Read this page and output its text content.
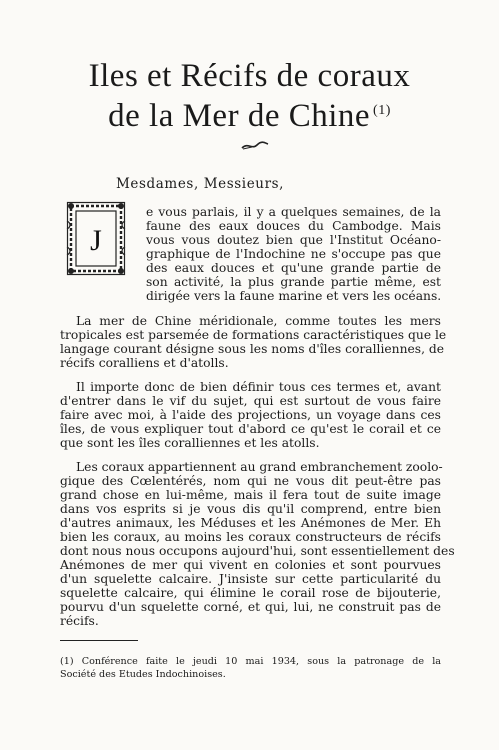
Iles et Récifs de coraux
de la Mer de Chine $^{(1)}$
Mesdames, Messieurs,
J
e vous parlais, il y a quelques semaines, de la
faune des eaux douces du Cambodge. Mais
vous vous doutez bien que l'Institut Océano-
graphique de l'Indochine ne s'occupe pas que
des eaux douces et qu'une grande partie de
son activité, la plus grande partie même, est
dirigée vers la faune marine et vers les océans.
La mer de Chine méridionale, comme toutes les mers
tropicales est parsemée de formations caractéristiques que le
langage courant désigne sous les noms d'îles coralliennes, de
récifs coralliens et d'atolls.
Il importe donc de bien définir tous ces termes et, avant
d'entrer dans le vif du sujet, qui est surtout de vous faire
faire avec moi, à l'aide des projections, un voyage dans ces
îles, de vous expliquer tout d'abord ce qu'est le corail et ce
que sont les îles coralliennes et les atolls.
Les coraux appartiennent au grand embranchement zoolo-
gique des Cœlentérés, nom qui ne vous dit peut-être pas
grand chose en lui-même, mais il fera tout de suite image
dans vos esprits si je vous dis qu'il comprend, entre bien
d'autres animaux, les Méduses et les Anémones de Mer. Eh
bien les coraux, au moins les coraux constructeurs de récifs
dont nous nous occupons aujourd'hui, sont essentiellement des
Anémones de mer qui vivent en colonies et sont pourvues
d'un squelette calcaire. J'insiste sur cette particularité du
squelette calcaire, qui élimine le corail rose de bijouterie,
pourvu d'un squelette corné, et qui, lui, ne construit pas de
récifs.
(1) Conférence faite le jeudi 10 mai 1934, sous la patronage de la
Société des Etudes Indochinoises.
